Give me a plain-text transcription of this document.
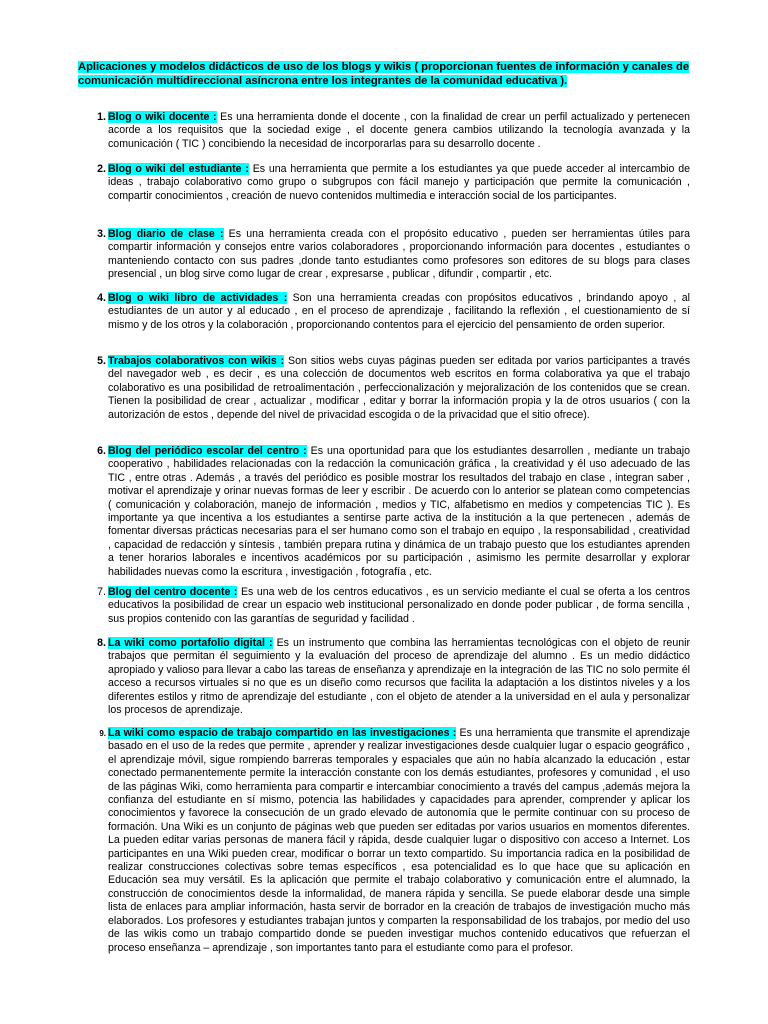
Aplicaciones y modelos didácticos de uso de los blogs y wikis ( proporcionan fuentes de información y canales de comunicación multidireccional asíncrona entre los integrantes de la comunidad educativa ).

1. Blog o wiki docente : Es una herramienta donde el docente , con la finalidad de crear un perfil actualizado y pertenecen acorde a los requisitos que la sociedad exige , el docente genera cambios utilizando la tecnología avanzada y la comunicación ( TIC ) concibiendo la necesidad de incorporarlas para su desarrollo docente .
2. Blog o wiki del estudiante : Es una herramienta que permite a los estudiantes ya que puede acceder al intercambio de ideas , trabajo colaborativo como grupo o subgrupos con fácil manejo y participación que permite la comunicación , compartir conocimientos , creación de nuevo contenidos multimedia e interacción social de los participantes.
3. Blog diario de clase : Es una herramienta creada con el propósito educativo , pueden ser herramientas útiles para compartir información y consejos entre varios colaboradores , proporcionando información para docentes , estudiantes o manteniendo contacto con sus padres ,donde tanto estudiantes como profesores son editores de su blogs para clases presencial , un blog sirve como lugar de crear , expresarse , publicar , difundir , compartir , etc.
4. Blog o wiki libro de actividades : Son una herramienta creadas con propósitos educativos , brindando apoyo , al estudiantes de un autor y al educado , en el proceso de aprendizaje , facilitando la reflexión , el cuestionamiento de sí mismo y de los otros y la colaboración , proporcionando contentos para el ejercicio del pensamiento de orden superior.
5. Trabajos colaborativos con wikis : Son sitios webs cuyas páginas pueden ser editada por varios participantes a través del navegador web , es decir , es una colección de documentos web escritos en forma colaborativa ya que el trabajo colaborativo es una posibilidad de retroalimentación , perfeccionalización y mejoralización de los contenidos que se crean. Tienen la posibilidad de crear , actualizar , modificar , editar y borrar la información propia y la de otros usuarios ( con la autorización de estos , depende del nivel de privacidad escogida o de la privacidad que el sitio ofrece).
6. Blog del periódico escolar del centro : Es una oportunidad para que los estudiantes desarrollen , mediante un trabajo cooperativo , habilidades relacionadas con la redacción la comunicación gráfica , la creatividad y él uso adecuado de las TIC , entre otras . Además , a través del periódico es posible mostrar los resultados del trabajo en clase , integran saber , motivar el aprendizaje y orinar nuevas formas de leer y escribir . De acuerdo con lo anterior se platean como competencias ( comunicación y colaboración, manejo de información , medios y TIC, alfabetismo en medios y competencias TIC ). Es importante ya que incentiva a los estudiantes a sentirse parte activa de la institución a la que pertenecen , además de fomentar diversas prácticas necesarias para el ser humano como son el trabajo en equipo , la responsabilidad , creatividad , capacidad de redacción y síntesis , también prepara rutina y dinámica de un trabajo puesto que los estudiantes aprenden a tener horarios laborales e incentivos académicos por su participación , asimismo les permite desarrollar y explorar habilidades nuevas como la escritura , investigación , fotografía , etc.
7. Blog del centro docente : Es una web de los centros educativos , es un servicio mediante el cual se oferta a los centros educativos la posibilidad de crear un espacio web institucional personalizado en donde poder publicar , de forma sencilla , sus propios contenido con las garantías de seguridad y facilidad .
8. La wiki como portafolio digital : Es un instrumento que combina las herramientas tecnológicas con el objeto de reunir trabajos que permitan él seguimiento y la evaluación del proceso de aprendizaje del alumno . Es un medio didáctico apropiado y valioso para llevar a cabo las tareas de enseñanza y aprendizaje en la integración de las TIC no solo permite él acceso a recursos virtuales si no que es un diseño como recursos que facilita la adaptación a los distintos niveles y a los diferentes estilos y ritmo de aprendizaje del estudiante , con el objeto de atender a la universidad en el aula y personalizar los procesos de aprendizaje.
9. La wiki como espacio de trabajo compartido en las investigaciones : Es una herramienta que transmite el aprendizaje basado en el uso de la redes que permite , aprender y realizar investigaciones desde cualquier lugar o espacio geográfico , el aprendizaje móvil, sigue rompiendo barreras temporales y espaciales que aún no había alcanzado la educación , estar conectado permanentemente permite la interacción constante con los demás estudiantes, profesores y comunidad , el uso de las páginas Wiki, como herramienta para compartir e intercambiar conocimiento a través del campus ,además mejora la confianza del estudiante en sí mismo, potencia las habilidades y capacidades para aprender, comprender y aplicar los conocimientos y favorece la consecución de un grado elevado de autonomía que le permite continuar con su proceso de formación. Una Wiki es un conjunto de páginas web que pueden ser editadas por varios usuarios en momentos diferentes. La pueden editar varias personas de manera fácil y rápida, desde cualquier lugar o dispositivo con acceso a Internet. Los participantes en una Wiki pueden crear, modificar o borrar un texto compartido. Su importancia radica en la posibilidad de realizar construcciones colectivas sobre temas específicos , esa potencialidad es lo que hace que su aplicación en Educación sea muy versátil. Es la aplicación que permite el trabajo colaborativo y comunicación entre el alumnado, la construcción de conocimientos desde la informalidad, de manera rápida y sencilla. Se puede elaborar desde una simple lista de enlaces para ampliar información, hasta servir de borrador en la creación de trabajos de investigación mucho más elaborados. Los profesores y estudiantes trabajan juntos y comparten la responsabilidad de los trabajos, por medio del uso de las wikis como un trabajo compartido donde se pueden investigar muchos contenido educativos que refuerzan el proceso enseñanza – aprendizaje , son importantes tanto para el estudiante como para el profesor.
